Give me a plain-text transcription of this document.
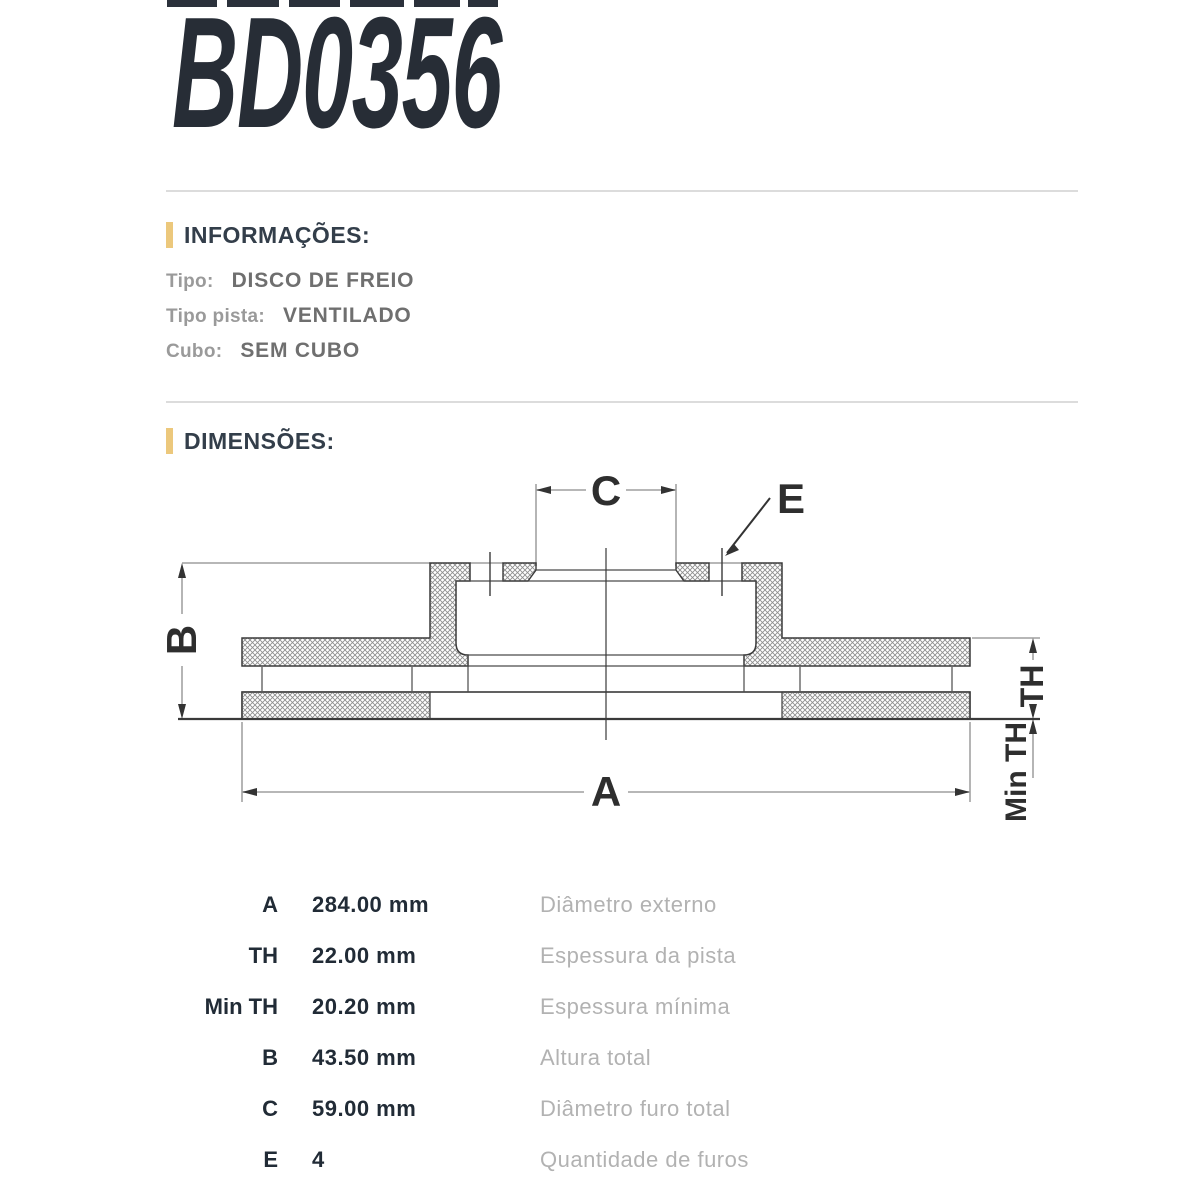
BD0356
INFORMAÇÕES:
Tipo: DISCO DE FREIO
Tipo pista: VENTILADO
Cubo: SEM CUBO
DIMENSÕES:
C	E
B
A
TH
Min TH
A 284.00 mm	Diâmetro externo
TH 22.00 mm	Espessura da pista
Min TH 20.20 mm	Espessura mínima
B 43.50 mm	Altura total
C 59.00 mm	Diâmetro furo total
E 4	Quantidade de furos
